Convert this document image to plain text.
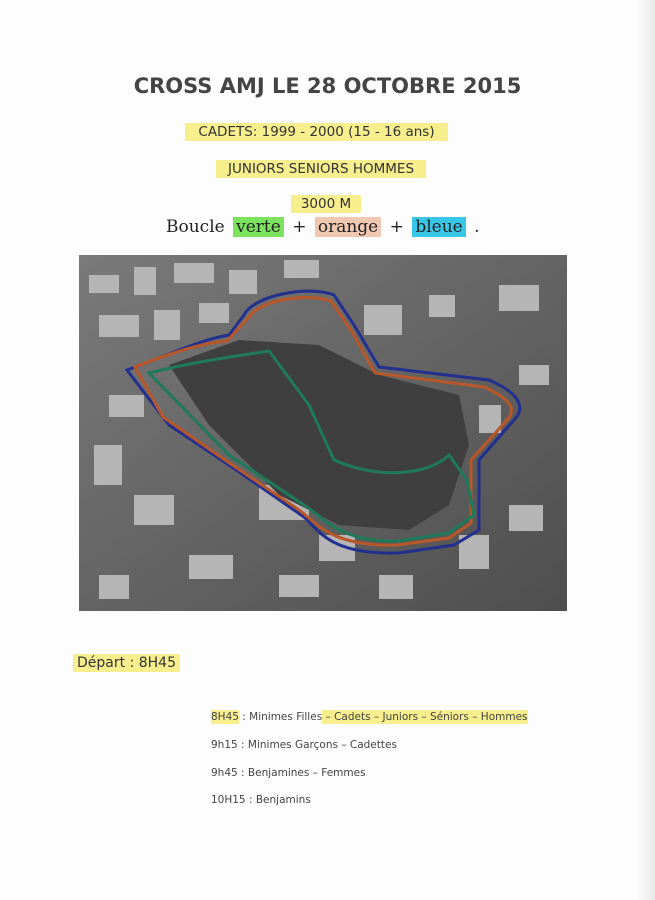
CROSS AMJ LE 28 OCTOBRE 2015
CADETS: 1999 - 2000 (15 - 16 ans)
JUNIORS SENIORS HOMMES
3000 M
Boucle verte + orange + bleue .
Départ : 8H45
8H45 : Minimes Filles – Cadets – Juniors – Séniors – Hommes
9h15 : Minimes Garçons – Cadettes
9h45 : Benjamines – Femmes
10H15 : Benjamins
